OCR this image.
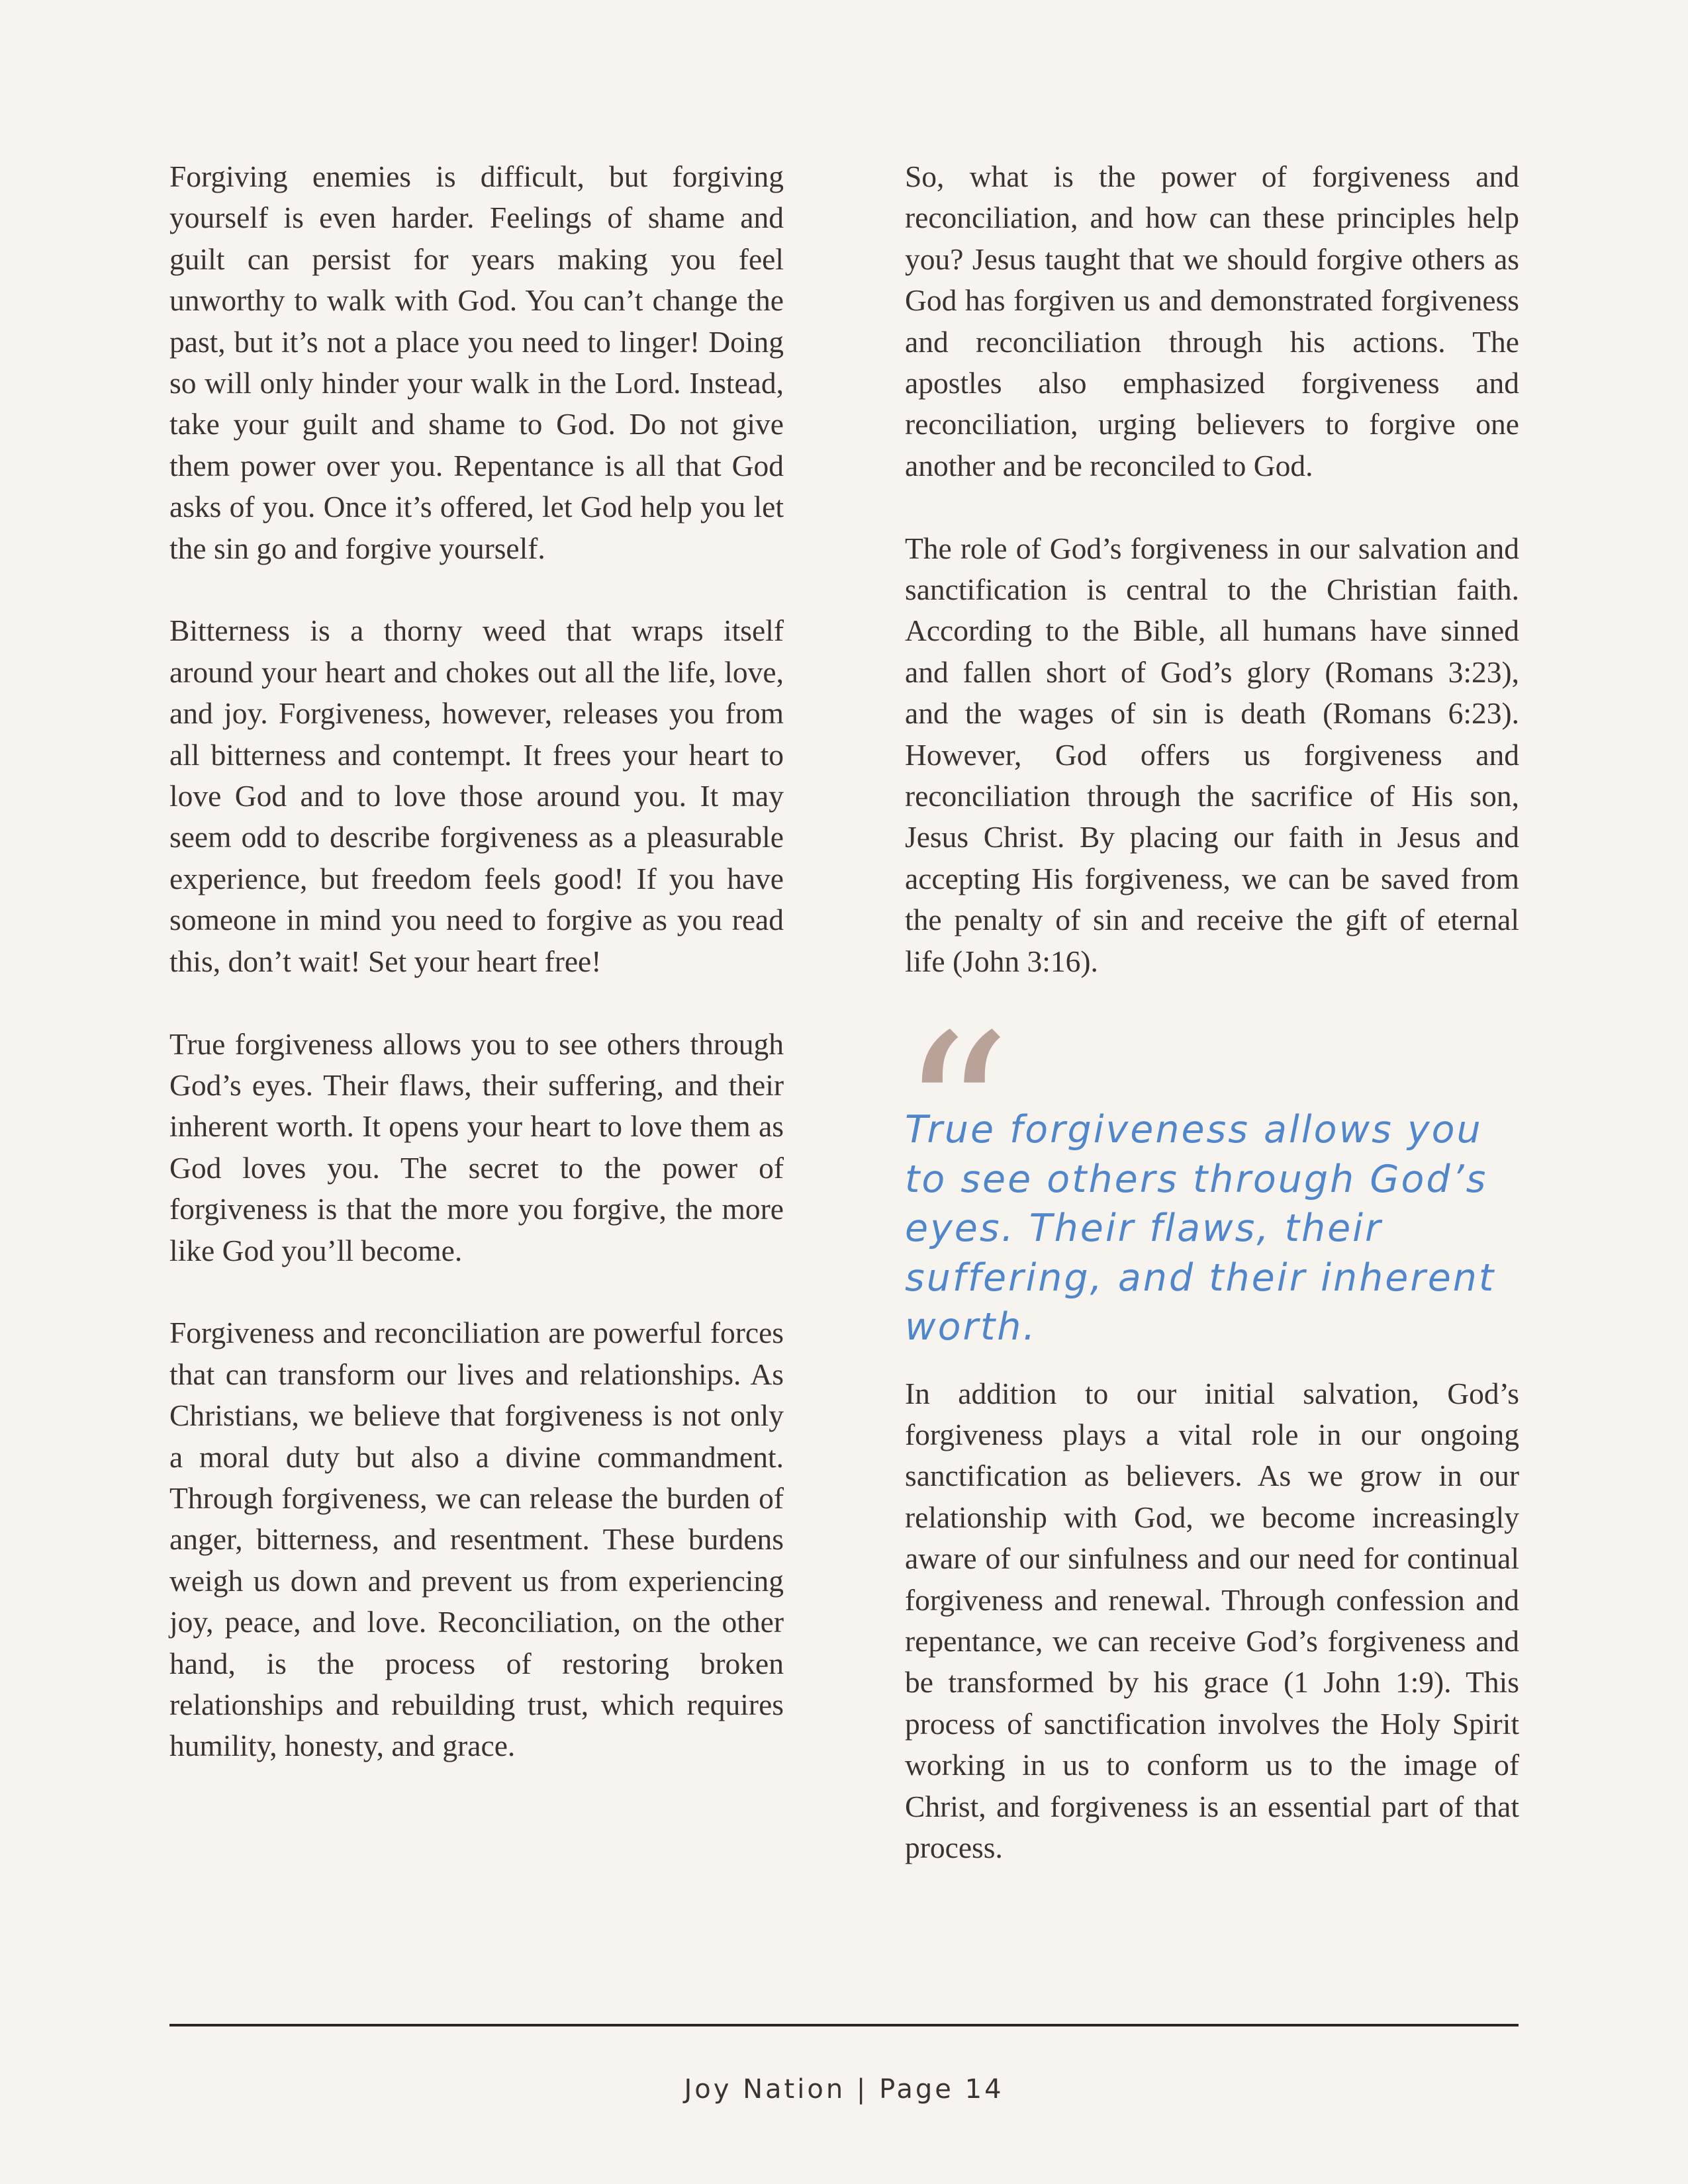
Forgiving enemies is difficult, but forgiving yourself is even harder. Feelings of shame and guilt can persist for years making you feel unworthy to walk with God. You can’t change the past, but it’s not a place you need to linger! Doing so will only hinder your walk in the Lord. Instead, take your guilt and shame to God. Do not give them power over you. Repentance is all that God asks of you. Once it’s offered, let God help you let the sin go and forgive yourself.

Bitterness is a thorny weed that wraps itself around your heart and chokes out all the life, love, and joy. Forgiveness, however, releases you from all bitterness and contempt. It frees your heart to love God and to love those around you. It may seem odd to describe forgiveness as a pleasurable experience, but freedom feels good! If you have someone in mind you need to forgive as you read this, don’t wait! Set your heart free!

True forgiveness allows you to see others through God’s eyes. Their flaws, their suffering, and their inherent worth. It opens your heart to love them as God loves you. The secret to the power of forgiveness is that the more you forgive, the more like God you’ll become.

Forgiveness and reconciliation are powerful forces that can transform our lives and relationships. As Christians, we believe that forgiveness is not only a moral duty but also a divine commandment. Through forgiveness, we can release the burden of anger, bitterness, and resentment. These burdens weigh us down and prevent us from experiencing joy, peace, and love. Reconciliation, on the other hand, is the process of restoring broken relationships and rebuilding trust, which requires humility, honesty, and grace.

So, what is the power of forgiveness and reconciliation, and how can these principles help you? Jesus taught that we should forgive others as God has forgiven us and demonstrated forgiveness and reconciliation through his actions. The apostles also emphasized forgiveness and reconciliation, urging believers to forgive one another and be reconciled to God.

The role of God’s forgiveness in our salvation and sanctification is central to the Christian faith. According to the Bible, all humans have sinned and fallen short of God’s glory (Romans 3:23), and the wages of sin is death (Romans 6:23). However, God offers us forgiveness and reconciliation through the sacrifice of His son, Jesus Christ. By placing our faith in Jesus and accepting His forgiveness, we can be saved from the penalty of sin and receive the gift of eternal life (John 3:16).

“

True forgiveness allows you to see others through God’s eyes. Their flaws, their suffering, and their inherent worth.

In addition to our initial salvation, God’s forgiveness plays a vital role in our ongoing sanctification as believers. As we grow in our relationship with God, we become increasingly aware of our sinfulness and our need for continual forgiveness and renewal. Through confession and repentance, we can receive God’s forgiveness and be transformed by his grace (1 John 1:9). This process of sanctification involves the Holy Spirit working in us to conform us to the image of Christ, and forgiveness is an essential part of that process.

Joy Nation | Page 14
